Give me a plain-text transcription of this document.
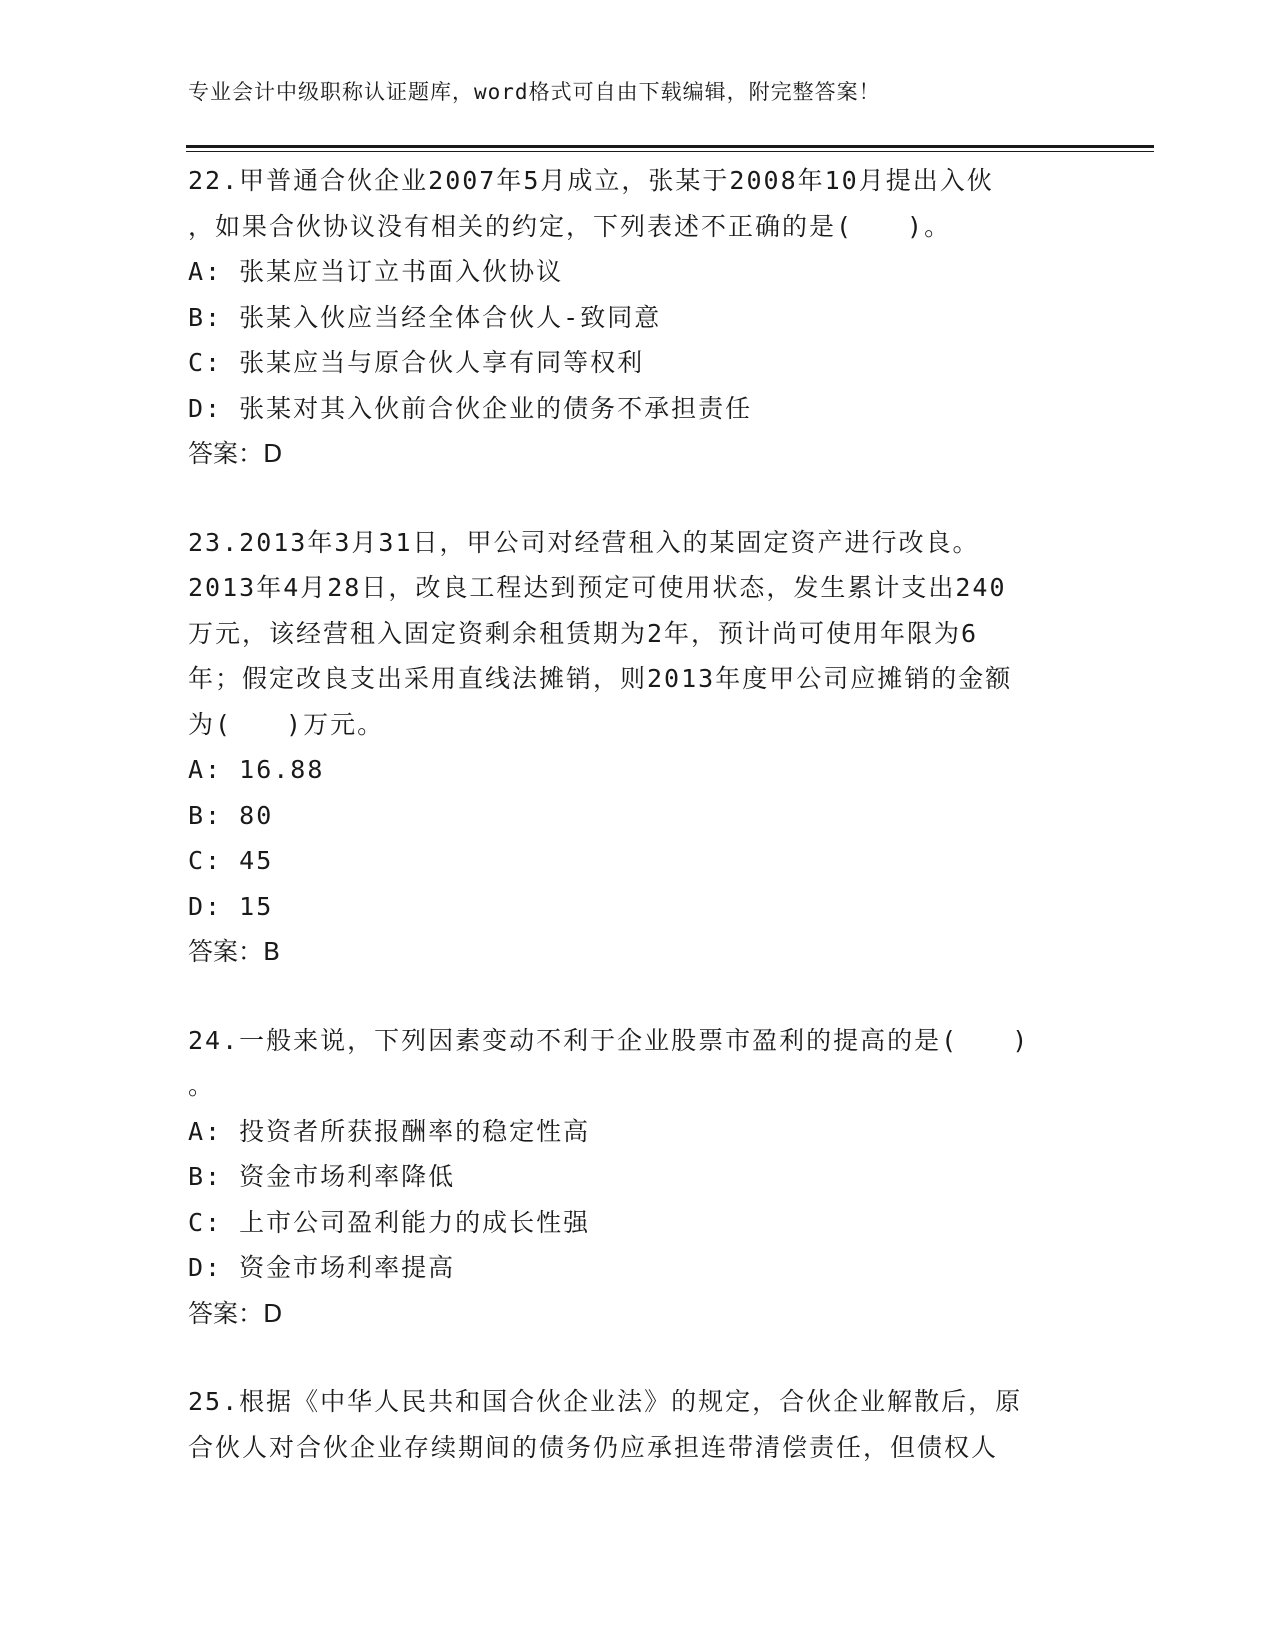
专业会计中级职称认证题库，word格式可自由下载编辑，附完整答案！

22.甲普通合伙企业2007年5月成立，张某于2008年10月提出入伙

，如果合伙协议没有相关的约定，下列表述不正确的是(　　)。

A: 张某应当订立书面入伙协议

B: 张某入伙应当经全体合伙人-致同意

C: 张某应当与原合伙人享有同等权利

D: 张某对其入伙前合伙企业的债务不承担责任

答案：D

23.2013年3月31日，甲公司对经营租入的某固定资产进行改良。

2013年4月28日，改良工程达到预定可使用状态，发生累计支出240

万元，该经营租入固定资剩余租赁期为2年，预计尚可使用年限为6

年；假定改良支出采用直线法摊销，则2013年度甲公司应摊销的金额

为(　　)万元。

A: 16.88

B: 80

C: 45

D: 15

答案：B

24.一般来说，下列因素变动不利于企业股票市盈利的提高的是(　　)

。

A: 投资者所获报酬率的稳定性高

B: 资金市场利率降低

C: 上市公司盈利能力的成长性强

D: 资金市场利率提高

答案：D

25.根据《中华人民共和国合伙企业法》的规定，合伙企业解散后，原

合伙人对合伙企业存续期间的债务仍应承担连带清偿责任，但债权人
